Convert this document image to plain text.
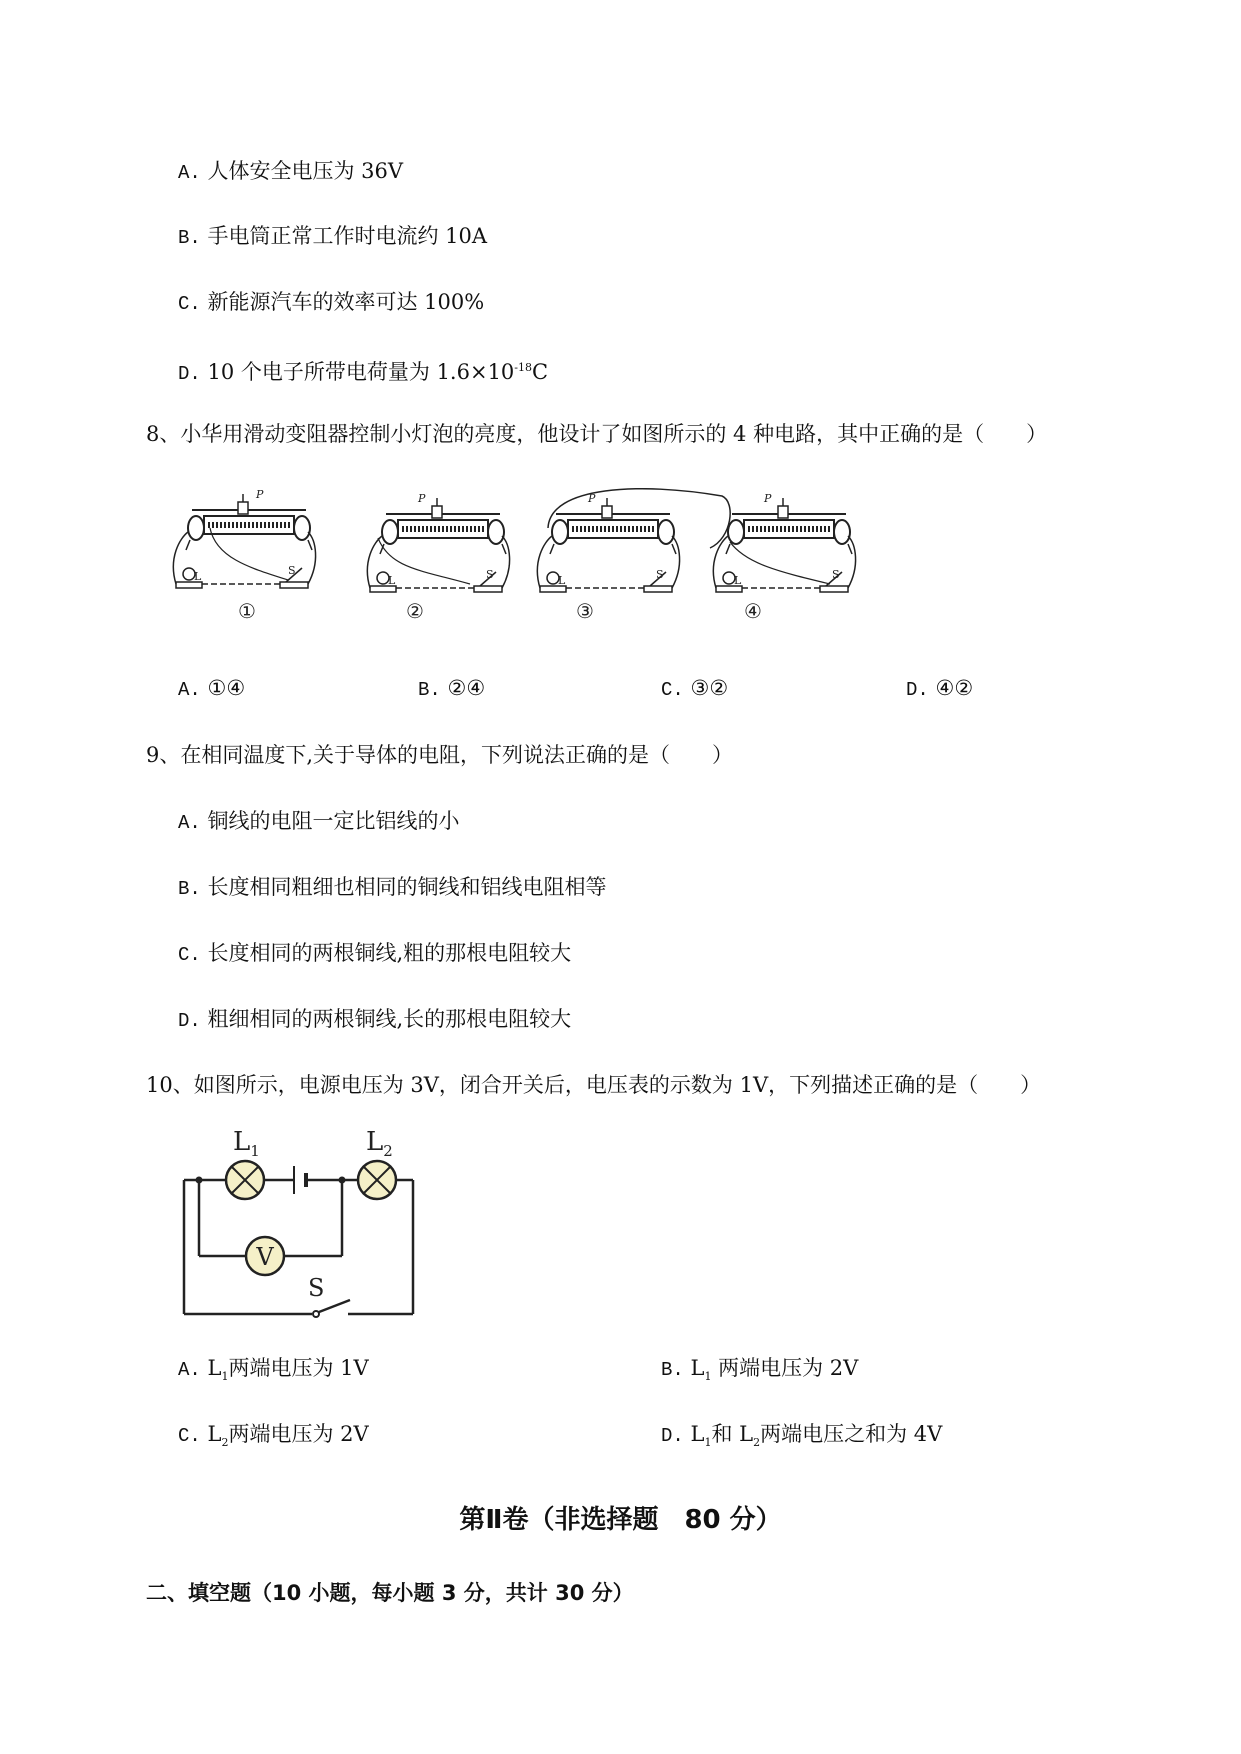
A. 人体安全电压为 36V
B. 手电筒正常工作时电流约 10A
C. 新能源汽车的效率可达 100%
D. 10 个电子所带电荷量为 $1.6\times 10^{-18}C$
8、小华用滑动变阻器控制小灯泡的亮度，他设计了如图所示的 4 种电路，其中正确的是（　　）
P
L	S
P
L	S
P
L	S
P
L	S
①	②	③	④
A. ①④	B. ②④	C. ③②	D. ④②
9、在相同温度下,关于导体的电阻，下列说法正确的是（　　）
A. 铜线的电阻一定比铝线的小
B. 长度相同粗细也相同的铜线和铝线电阻相等
C. 长度相同的两根铜线,粗的那根电阻较大
D. 粗细相同的两根铜线,长的那根电阻较大
10、如图所示，电源电压为 3V，闭合开关后，电压表的示数为 1V，下列描述正确的是（　　）
V
$L_1$	$L_2$
S
A. $L_1$两端电压为 1V	B. $L_1$ 两端电压为 2V
C. $L_2$两端电压为 2V	D. $L_1$和 $L_2$两端电压之和为 4V
第Ⅱ卷（非选择题　80 分）
二、填空题（10 小题，每小题 3 分，共计 30 分）
